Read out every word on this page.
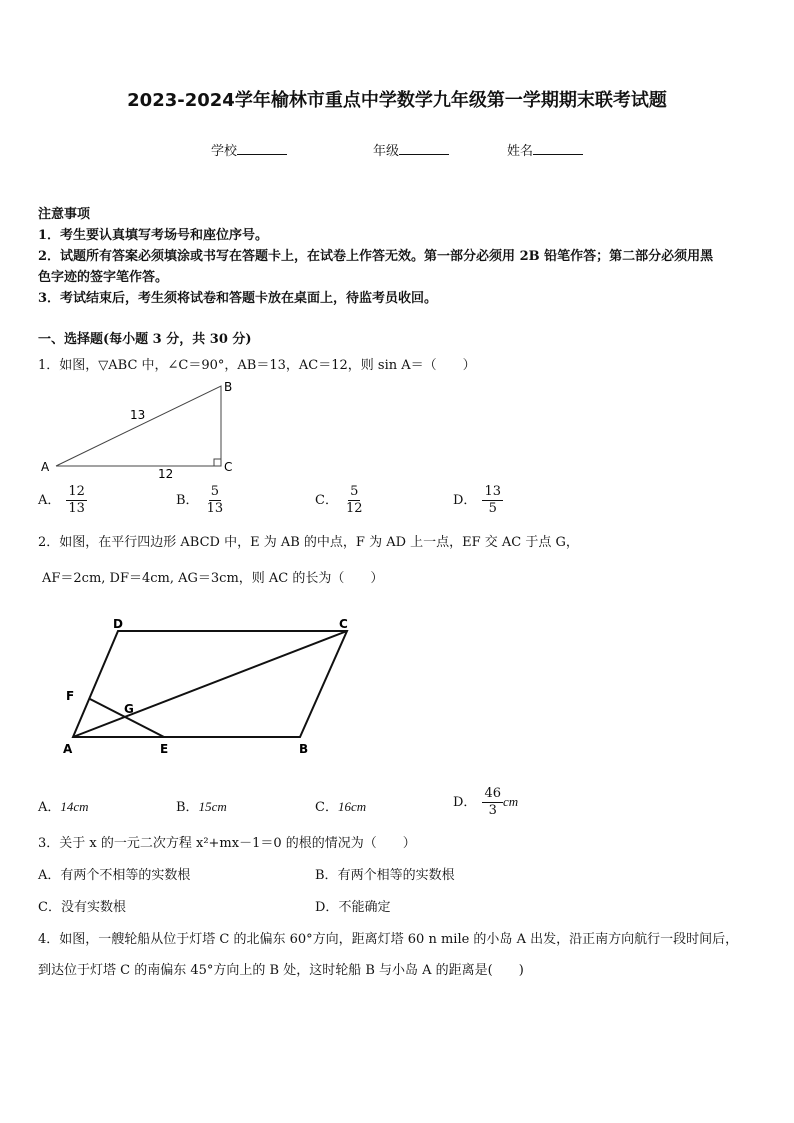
2023-2024学年榆林市重点中学数学九年级第一学期期末联考试题
学校	年级	姓名
注意事项
1．考生要认真填写考场号和座位序号。
2．试题所有答案必须填涂或书写在答题卡上，在试卷上作答无效。第一部分必须用 2B 铅笔作答；第二部分必须用黑
色字迹的签字笔作答。
3．考试结束后，考生须将试卷和答题卡放在桌面上，待监考员收回。
一、选择题(每小题 3 分，共 30 分)
1．如图，▽ABC 中，∠C＝90°，AB＝13，AC＝12，则 sin A＝（　　）
A
B
C
13
12
A． $\frac{12}{13}$	B． $\frac{5}{13}$	C． $\frac{5}{12}$	D． $\frac{13}{5}$
2．如图，在平行四边形 ABCD 中，E 为 AB 的中点，F 为 AD 上一点，EF 交 AC 于点 G，
AF＝2cm, DF＝4cm, AG＝3cm，则 AC 的长为（　　）
D	C
F
G
A	E	B
A．14cm	B．15cm	C．16cm	D． $\frac{46}{3}$ cm
3．关于 x 的一元二次方程 x²+mx－1＝0 的根的情况为（　　）
A．有两个不相等的实数根	B．有两个相等的实数根
C．没有实数根	D．不能确定
4．如图，一艘轮船从位于灯塔 C 的北偏东 60°方向，距离灯塔 60 n mile 的小岛 A 出发，沿正南方向航行一段时间后，
到达位于灯塔 C 的南偏东 45°方向上的 B 处，这时轮船 B 与小岛 A 的距离是(　　)
